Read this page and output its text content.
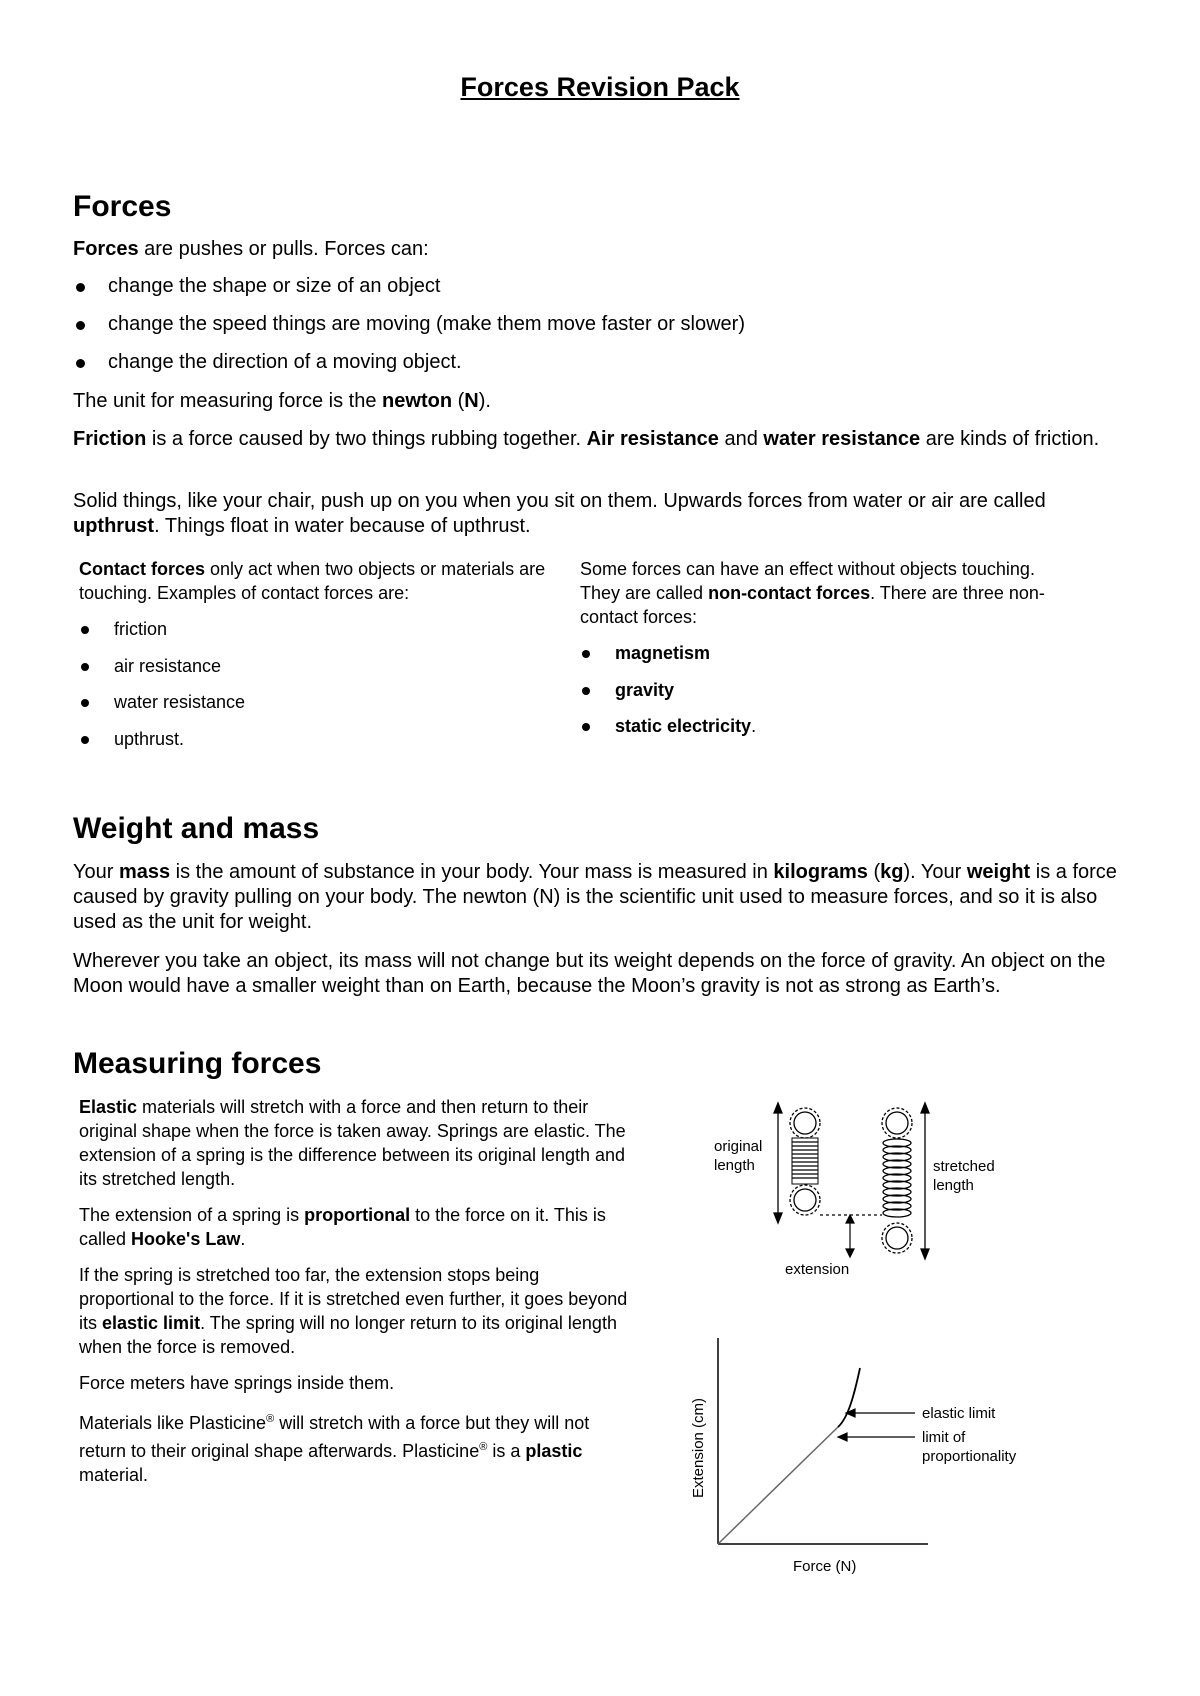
Forces Revision Pack
Forces

Forces are pushes or pulls. Forces can:

change the shape or size of an object
change the speed things are moving (make them move faster or slower)
change the direction of a moving object.

The unit for measuring force is the newton (N).

Friction is a force caused by two things rubbing together. Air resistance and water resistance are kinds of friction.

Solid things, like your chair, push up on you when you sit on them. Upwards forces from water or air are called upthrust. Things float in water because of upthrust.

Contact forces only act when two objects or materials are touching. Examples of contact forces are:

friction
air resistance
water resistance
upthrust.

Some forces can have an effect without objects touching. They are called non-contact forces. There are three non-contact forces:

magnetism
gravity
static electricity.
Weight and mass

Your mass is the amount of substance in your body. Your mass is measured in kilograms (kg). Your weight is a force caused by gravity pulling on your body. The newton (N) is the scientific unit used to measure forces, and so it is also used as the unit for weight.

Wherever you take an object, its mass will not change but its weight depends on the force of gravity. An object on the Moon would have a smaller weight than on Earth, because the Moon’s gravity is not as strong as Earth’s.

Measuring forces

Elastic materials will stretch with a force and then return to their original shape when the force is taken away. Springs are elastic. The extension of a spring is the difference between its original length and its stretched length.

The extension of a spring is proportional to the force on it. This is called Hooke's Law.

If the spring is stretched too far, the extension stops being proportional to the force. If it is stretched even further, it goes beyond its elastic limit. The spring will no longer return to its original length when the force is removed.

Force meters have springs inside them.

Materials like Plasticine® will stretch with a force but they will not return to their original shape afterwards. Plasticine® is a plastic material.

original
length	stretched
length
extension
Extension (cm)
Force (N)
elastic limit
limit of
proportionality
